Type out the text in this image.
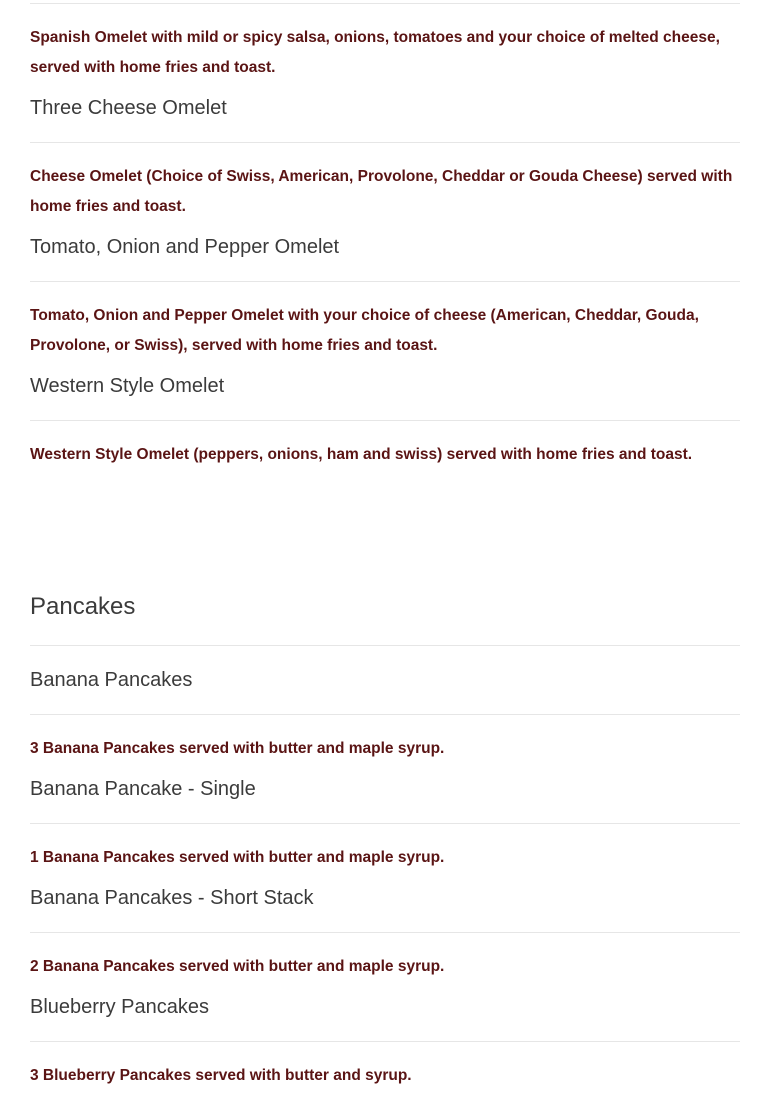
Spanish Omelet with mild or spicy salsa, onions, tomatoes and your choice of melted cheese, served with home fries and toast.

Three Cheese Omelet

Cheese Omelet (Choice of Swiss, American, Provolone, Cheddar or Gouda Cheese) served with home fries and toast.

Tomato, Onion and Pepper Omelet

Tomato, Onion and Pepper Omelet with your choice of cheese (American, Cheddar, Gouda, Provolone, or Swiss), served with home fries and toast.

Western Style Omelet

Western Style Omelet (peppers, onions, ham and swiss) served with home fries and toast.

Pancakes
Banana Pancakes

3 Banana Pancakes served with butter and maple syrup.

Banana Pancake - Single

1 Banana Pancakes served with butter and maple syrup.

Banana Pancakes - Short Stack

2 Banana Pancakes served with butter and maple syrup.

Blueberry Pancakes

3 Blueberry Pancakes served with butter and syrup.
